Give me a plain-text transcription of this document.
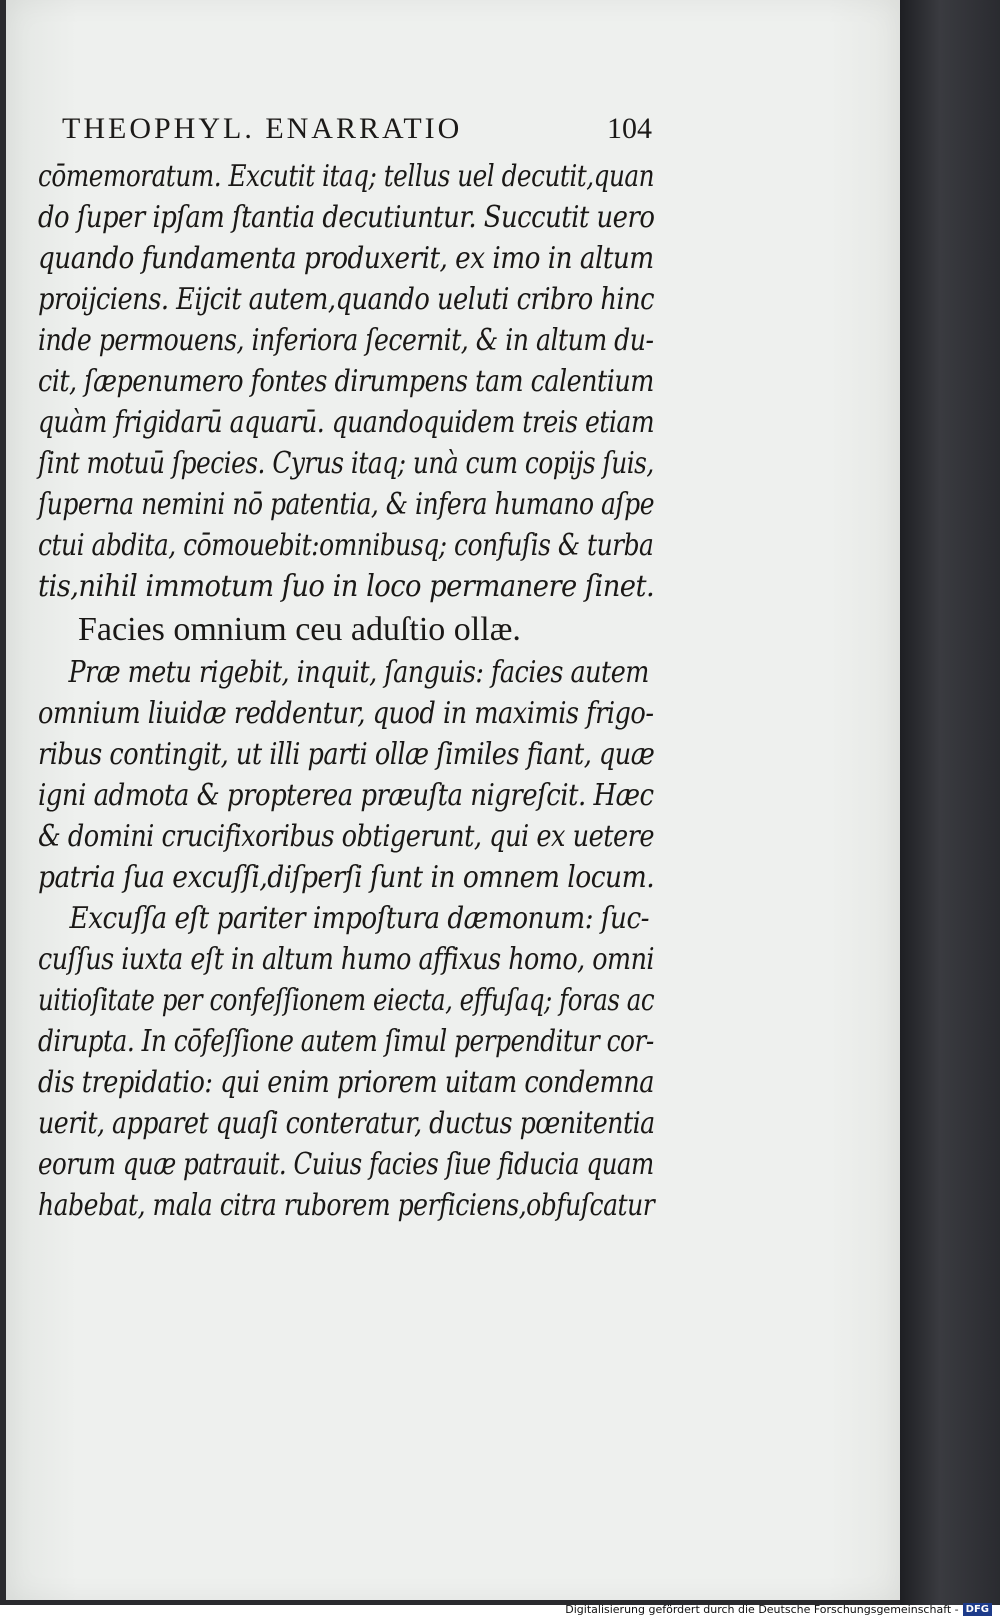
THEOPHYL. ENARRATIO	104
cōmemoratum. Excutit itaq; tellus uel decutit,quan
do ſuper ipſam ſtantia decutiuntur. Succutit uero
quando fundamenta produxerit, ex imo in altum
proijciens. Eijcit autem,quando ueluti cribro hinc
inde permouens, inferiora ſecernit, & in altum du-
cit, ſæpenumero fontes dirumpens tam calentium
quàm frigidarū aquarū. quandoquidem treis etiam
ſint motuū ſpecies. Cyrus itaq; unà cum copijs ſuis,
ſuperna nemini nō patentia, & infera humano aſpe
ctui abdita, cōmouebit:omnibusq; confuſis & turba
tis,nihil immotum ſuo in loco permanere ſinet.
Facies omnium ceu aduſtio ollæ.
Præ metu rigebit, inquit, ſanguis: facies autem
omnium liuidæ reddentur, quod in maximis frigo-
ribus contingit, ut illi parti ollæ ſimiles fiant, quæ
igni admota & propterea præuſta nigreſcit. Hæc
& domini crucifixoribus obtigerunt, qui ex uetere
patria ſua excuſſi,diſperſi ſunt in omnem locum.
Excuſſa eſt pariter impoſtura dæmonum: ſuc-
cuſſus iuxta eſt in altum humo affixus homo, omni
uitioſitate per confeſſionem eiecta, effuſaq; foras ac
dirupta. In cōfeſſione autem ſimul perpenditur cor-
dis trepidatio: qui enim priorem uitam condemna
uerit, apparet quaſi conteratur, ductus pœnitentia
eorum quæ patrauit. Cuius facies ſiue fiducia quam
habebat, mala citra ruborem perficiens,obfuſcatur
Digitalisierung gefördert durch die Deutsche Forschungsgemeinschaft - DFG
